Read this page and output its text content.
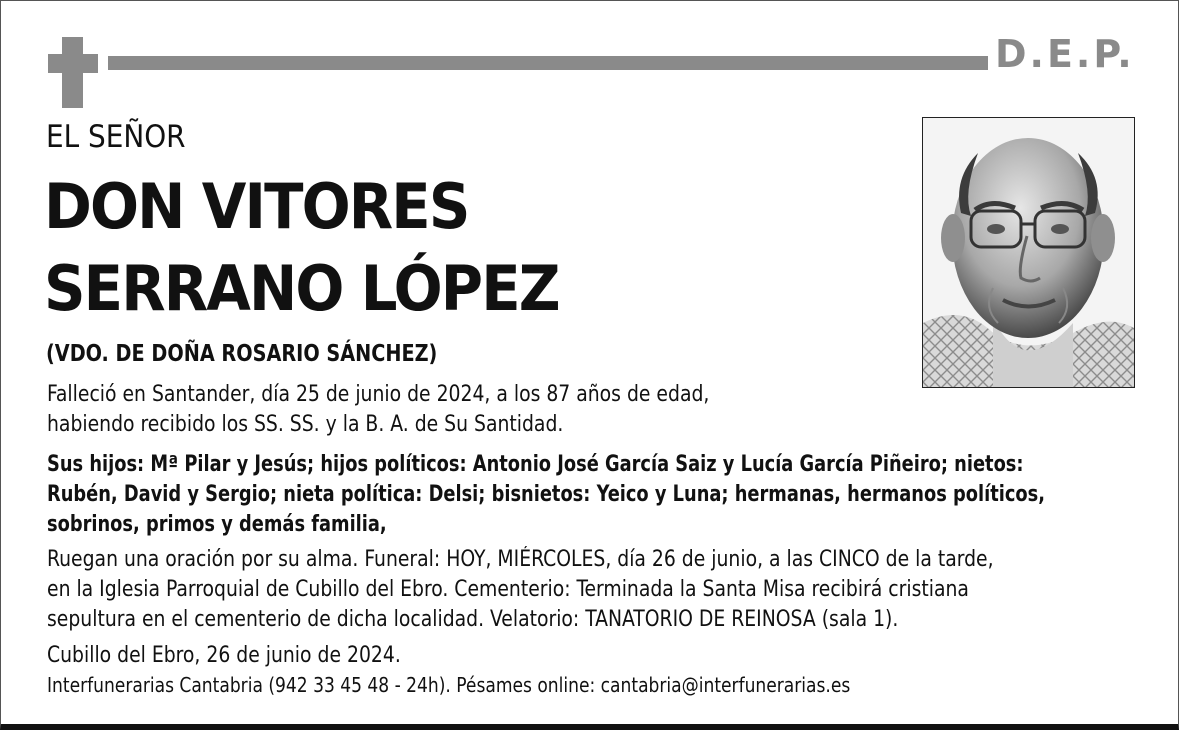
D.E.P.
EL SEÑOR
DON VITORES
SERRANO LÓPEZ
(VDO. DE DOÑA ROSARIO SÁNCHEZ)
Falleció en Santander, día 25 de junio de 2024, a los 87 años de edad,
habiendo recibido los SS. SS. y la B. A. de Su Santidad.
Sus hijos: Mª Pilar y Jesús; hijos políticos: Antonio José García Saiz y Lucía García Piñeiro; nietos:
Rubén, David y Sergio; nieta política: Delsi; bisnietos: Yeico y Luna; hermanas, hermanos políticos,
sobrinos, primos y demás familia,
Ruegan una oración por su alma. Funeral: HOY, MIÉRCOLES, día 26 de junio, a las CINCO de la tarde,
en la Iglesia Parroquial de Cubillo del Ebro. Cementerio: Terminada la Santa Misa recibirá cristiana
sepultura en el cementerio de dicha localidad. Velatorio: TANATORIO DE REINOSA (sala 1).
Cubillo del Ebro, 26 de junio de 2024.
Interfunerarias Cantabria (942 33 45 48 - 24h). Pésames online: cantabria@interfunerarias.es
